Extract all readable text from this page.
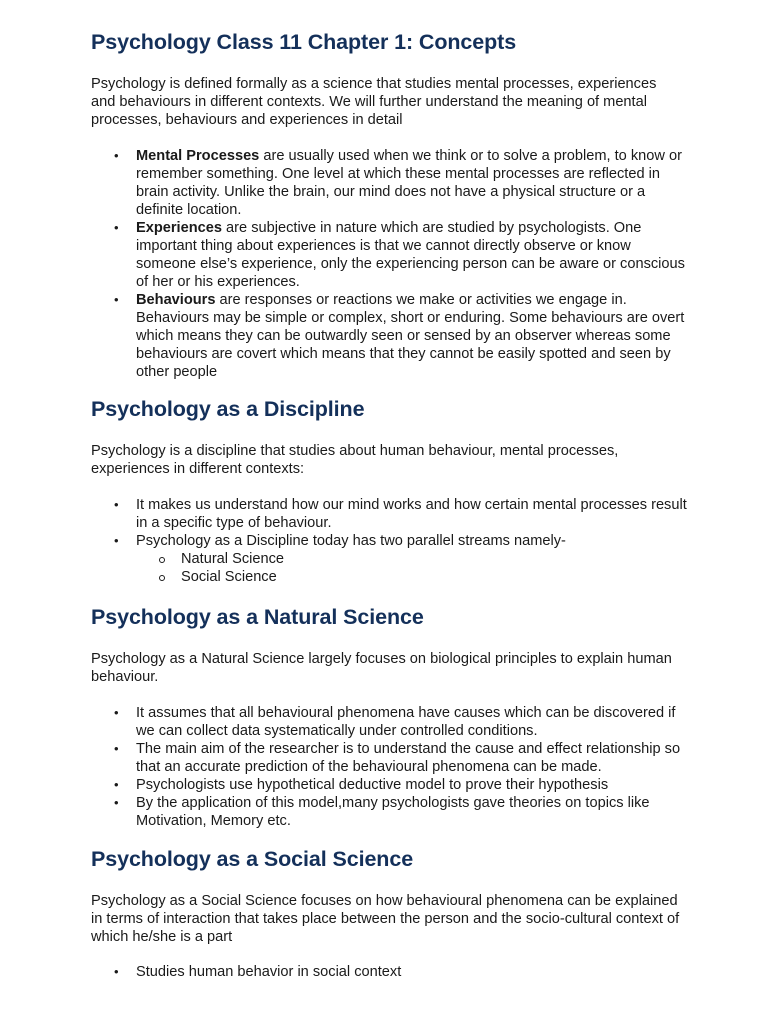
Psychology Class 11 Chapter 1: Concepts

Psychology is defined formally as a science that studies mental processes, experiences and behaviours in different contexts. We will further understand the meaning of mental processes, behaviours and experiences in detail

• Mental Processes are usually used when we think or to solve a problem, to know or remember something. One level at which these mental processes are reflected in brain activity. Unlike the brain, our mind does not have a physical structure or a definite location.
• Experiences are subjective in nature which are studied by psychologists. One important thing about experiences is that we cannot directly observe or know someone else’s experience, only the experiencing person can be aware or conscious of her or his experiences.
• Behaviours are responses or reactions we make or activities we engage in. Behaviours may be simple or complex, short or enduring. Some behaviours are overt which means they can be outwardly seen or sensed by an observer whereas some behaviours are covert which means that they cannot be easily spotted and seen by other people
Psychology as a Discipline

Psychology is a discipline that studies about human behaviour, mental processes, experiences in different contexts:

• It makes us understand how our mind works and how certain mental processes result in a specific type of behaviour.
• Psychology as a Discipline today has two parallel streams namely-
Natural Science
Social Science
Psychology as a Natural Science

Psychology as a Natural Science largely focuses on biological principles to explain human behaviour.

• It assumes that all behavioural phenomena have causes which can be discovered if we can collect data systematically under controlled conditions.
• The main aim of the researcher is to understand the cause and effect relationship so that an accurate prediction of the behavioural phenomena can be made.
• Psychologists use hypothetical deductive model to prove their hypothesis
• By the application of this model,many psychologists gave theories on topics like Motivation, Memory etc.
Psychology as a Social Science

Psychology as a Social Science focuses on how behavioural phenomena can be explained in terms of interaction that takes place between the person and the socio-cultural context of which he/she is a part

• Studies human behavior in social context
